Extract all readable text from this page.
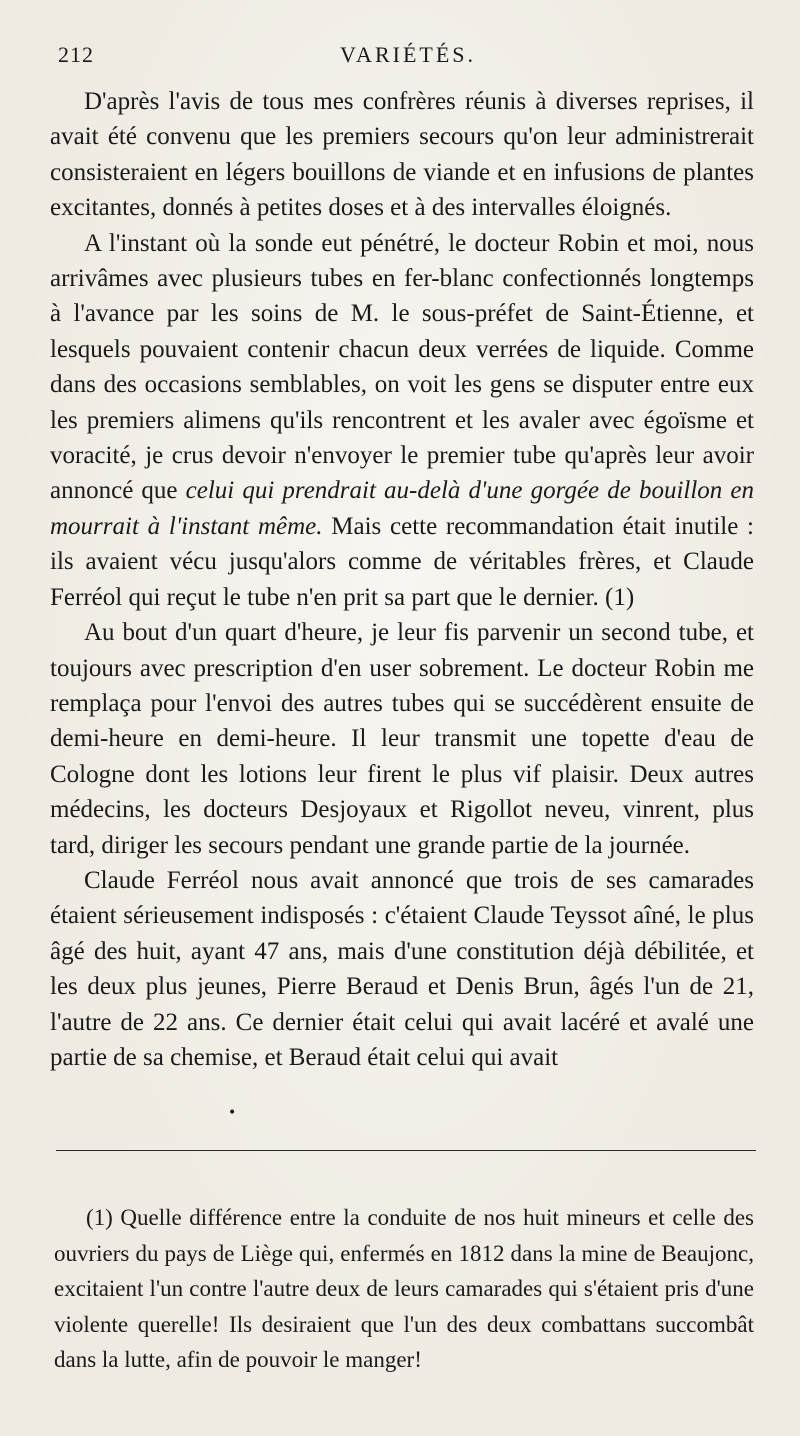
212	VARIÉTÉS.

D'après l'avis de tous mes confrères réunis à diverses reprises, il avait été convenu que les premiers secours qu'on leur administrerait consisteraient en légers bouillons de viande et en infusions de plantes excitantes, donnés à petites doses et à des intervalles éloignés.

A l'instant où la sonde eut pénétré, le docteur Robin et moi, nous arrivâmes avec plusieurs tubes en fer-blanc confectionnés longtemps à l'avance par les soins de M. le sous-préfet de Saint-Étienne, et lesquels pouvaient contenir chacun deux verrées de liquide. Comme dans des occasions semblables, on voit les gens se disputer entre eux les premiers alimens qu'ils rencontrent et les avaler avec égoïsme et voracité, je crus devoir n'envoyer le premier tube qu'après leur avoir annoncé que celui qui prendrait au-delà d'une gorgée de bouillon en mourrait à l'instant même. Mais cette recommandation était inutile : ils avaient vécu jusqu'alors comme de véritables frères, et Claude Ferréol qui reçut le tube n'en prit sa part que le dernier. (1)

Au bout d'un quart d'heure, je leur fis parvenir un second tube, et toujours avec prescription d'en user sobrement. Le docteur Robin me remplaça pour l'envoi des autres tubes qui se succédèrent ensuite de demi-heure en demi-heure. Il leur transmit une topette d'eau de Cologne dont les lotions leur firent le plus vif plaisir. Deux autres médecins, les docteurs Desjoyaux et Rigollot neveu, vinrent, plus tard, diriger les secours pendant une grande partie de la journée.

Claude Ferréol nous avait annoncé que trois de ses camarades étaient sérieusement indisposés : c'étaient Claude Teyssot aîné, le plus âgé des huit, ayant 47 ans, mais d'une constitution déjà débilitée, et les deux plus jeunes, Pierre Beraud et Denis Brun, âgés l'un de 21, l'autre de 22 ans. Ce dernier était celui qui avait lacéré et avalé une partie de sa chemise, et Beraud était celui qui avait

•

(1) Quelle différence entre la conduite de nos huit mineurs et celle des ouvriers du pays de Liège qui, enfermés en 1812 dans la mine de Beaujonc, excitaient l'un contre l'autre deux de leurs camarades qui s'étaient pris d'une violente querelle! Ils desiraient que l'un des deux combattans succombât dans la lutte, afin de pouvoir le manger!
